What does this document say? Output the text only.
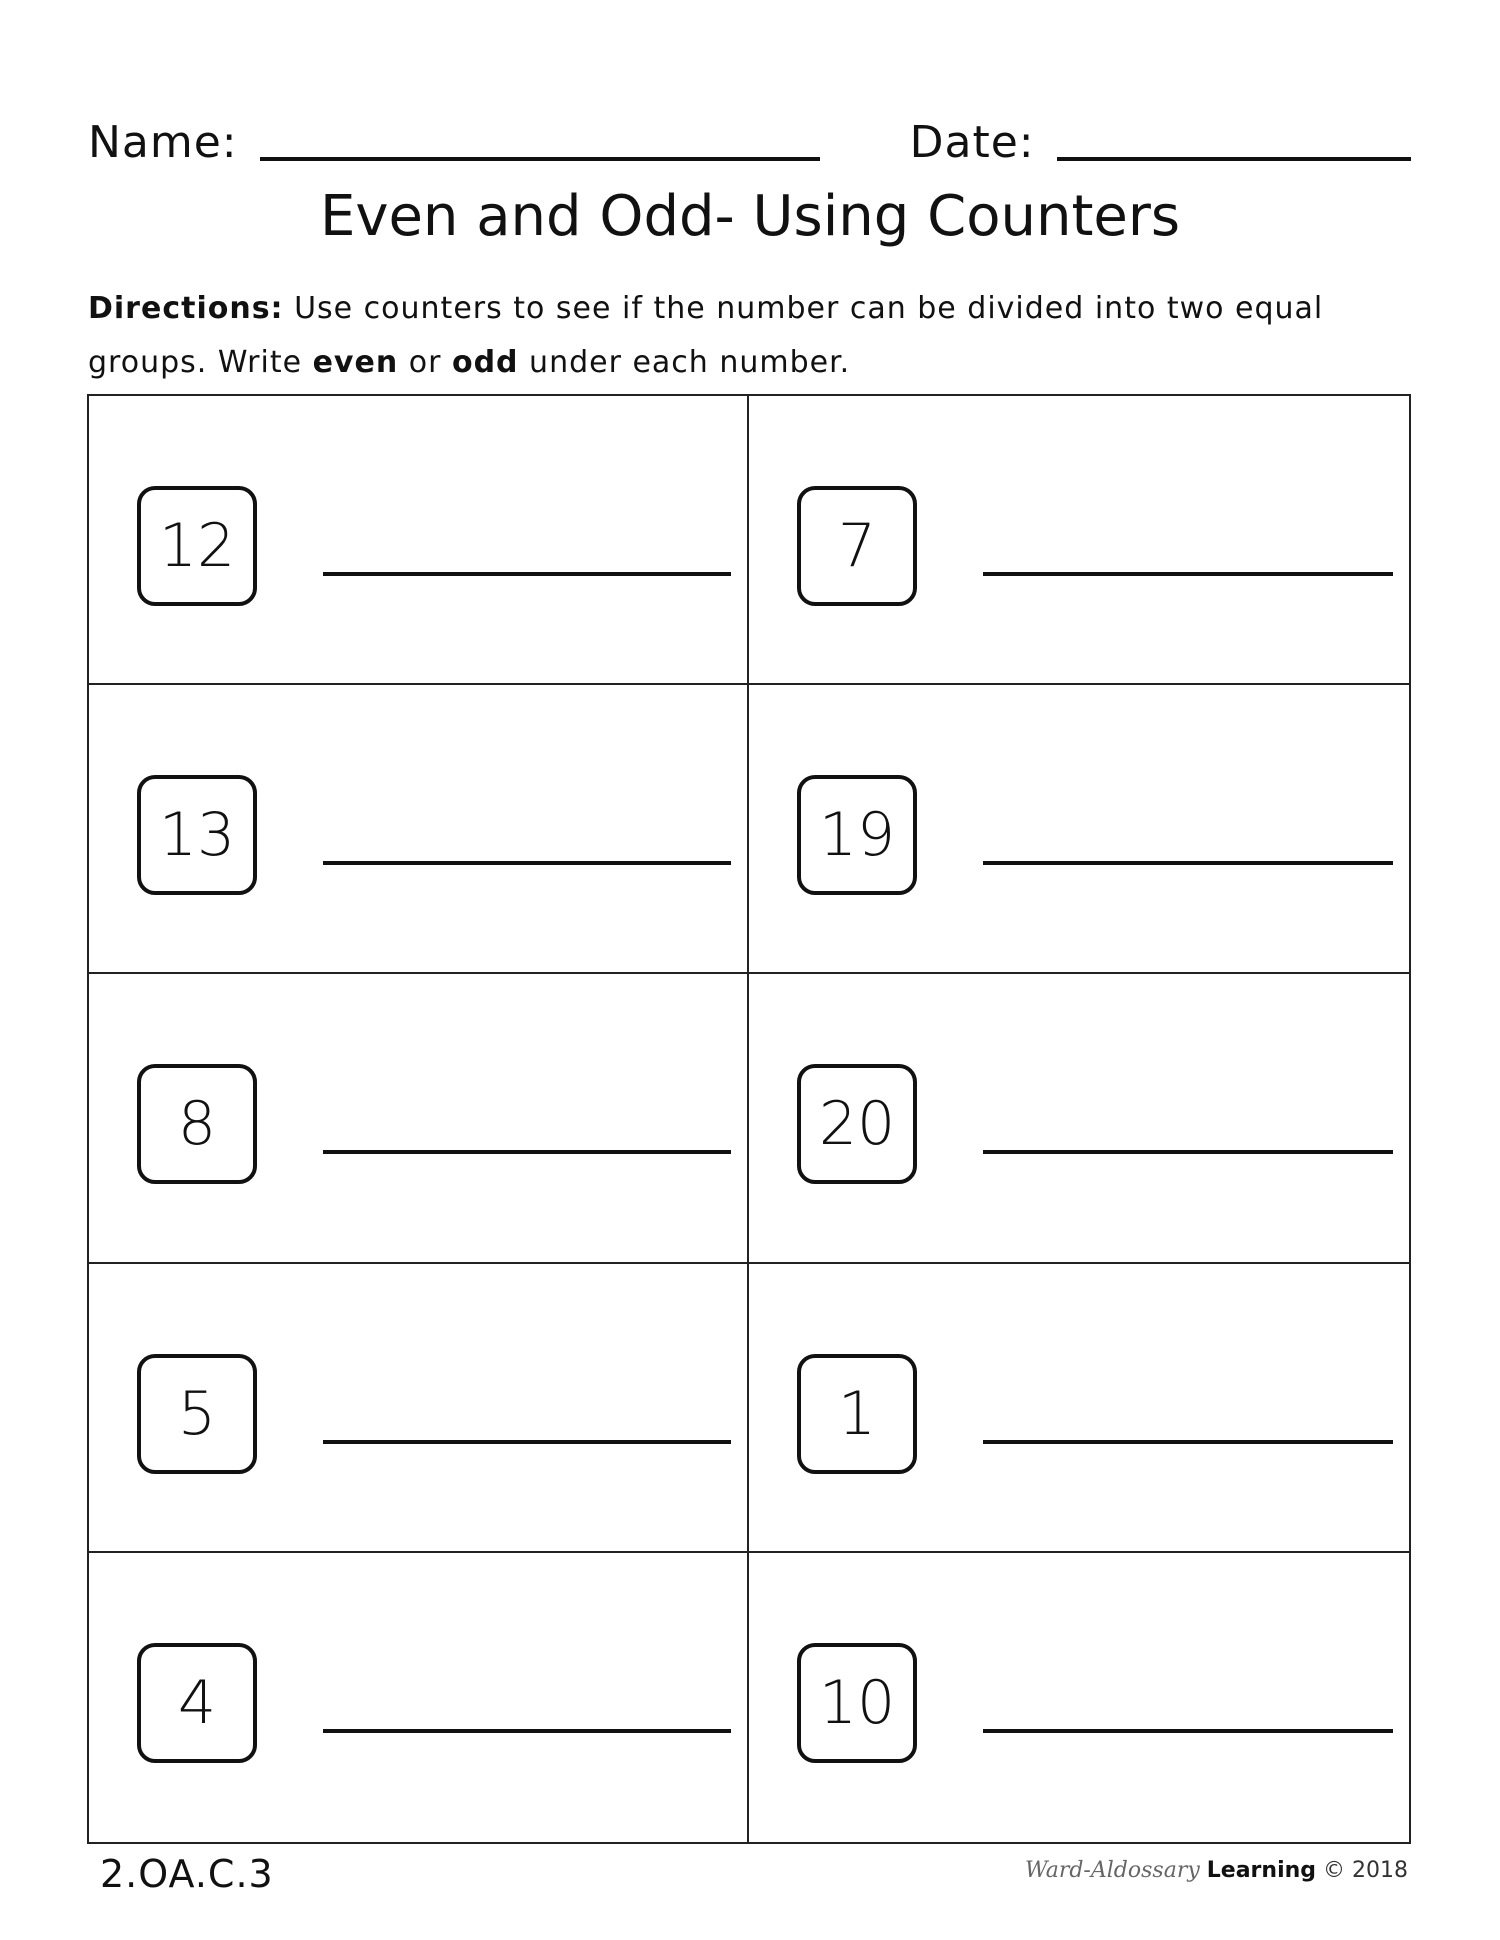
Name:	Date:
Even and Odd- Using Counters
Directions: Use counters to see if the number can be divided into two equal groups. Write even or odd under each number.
12	7
13	19
8	20
5	1
4	10
2.OA.C.3	Ward-Aldossary Learning © 2018
